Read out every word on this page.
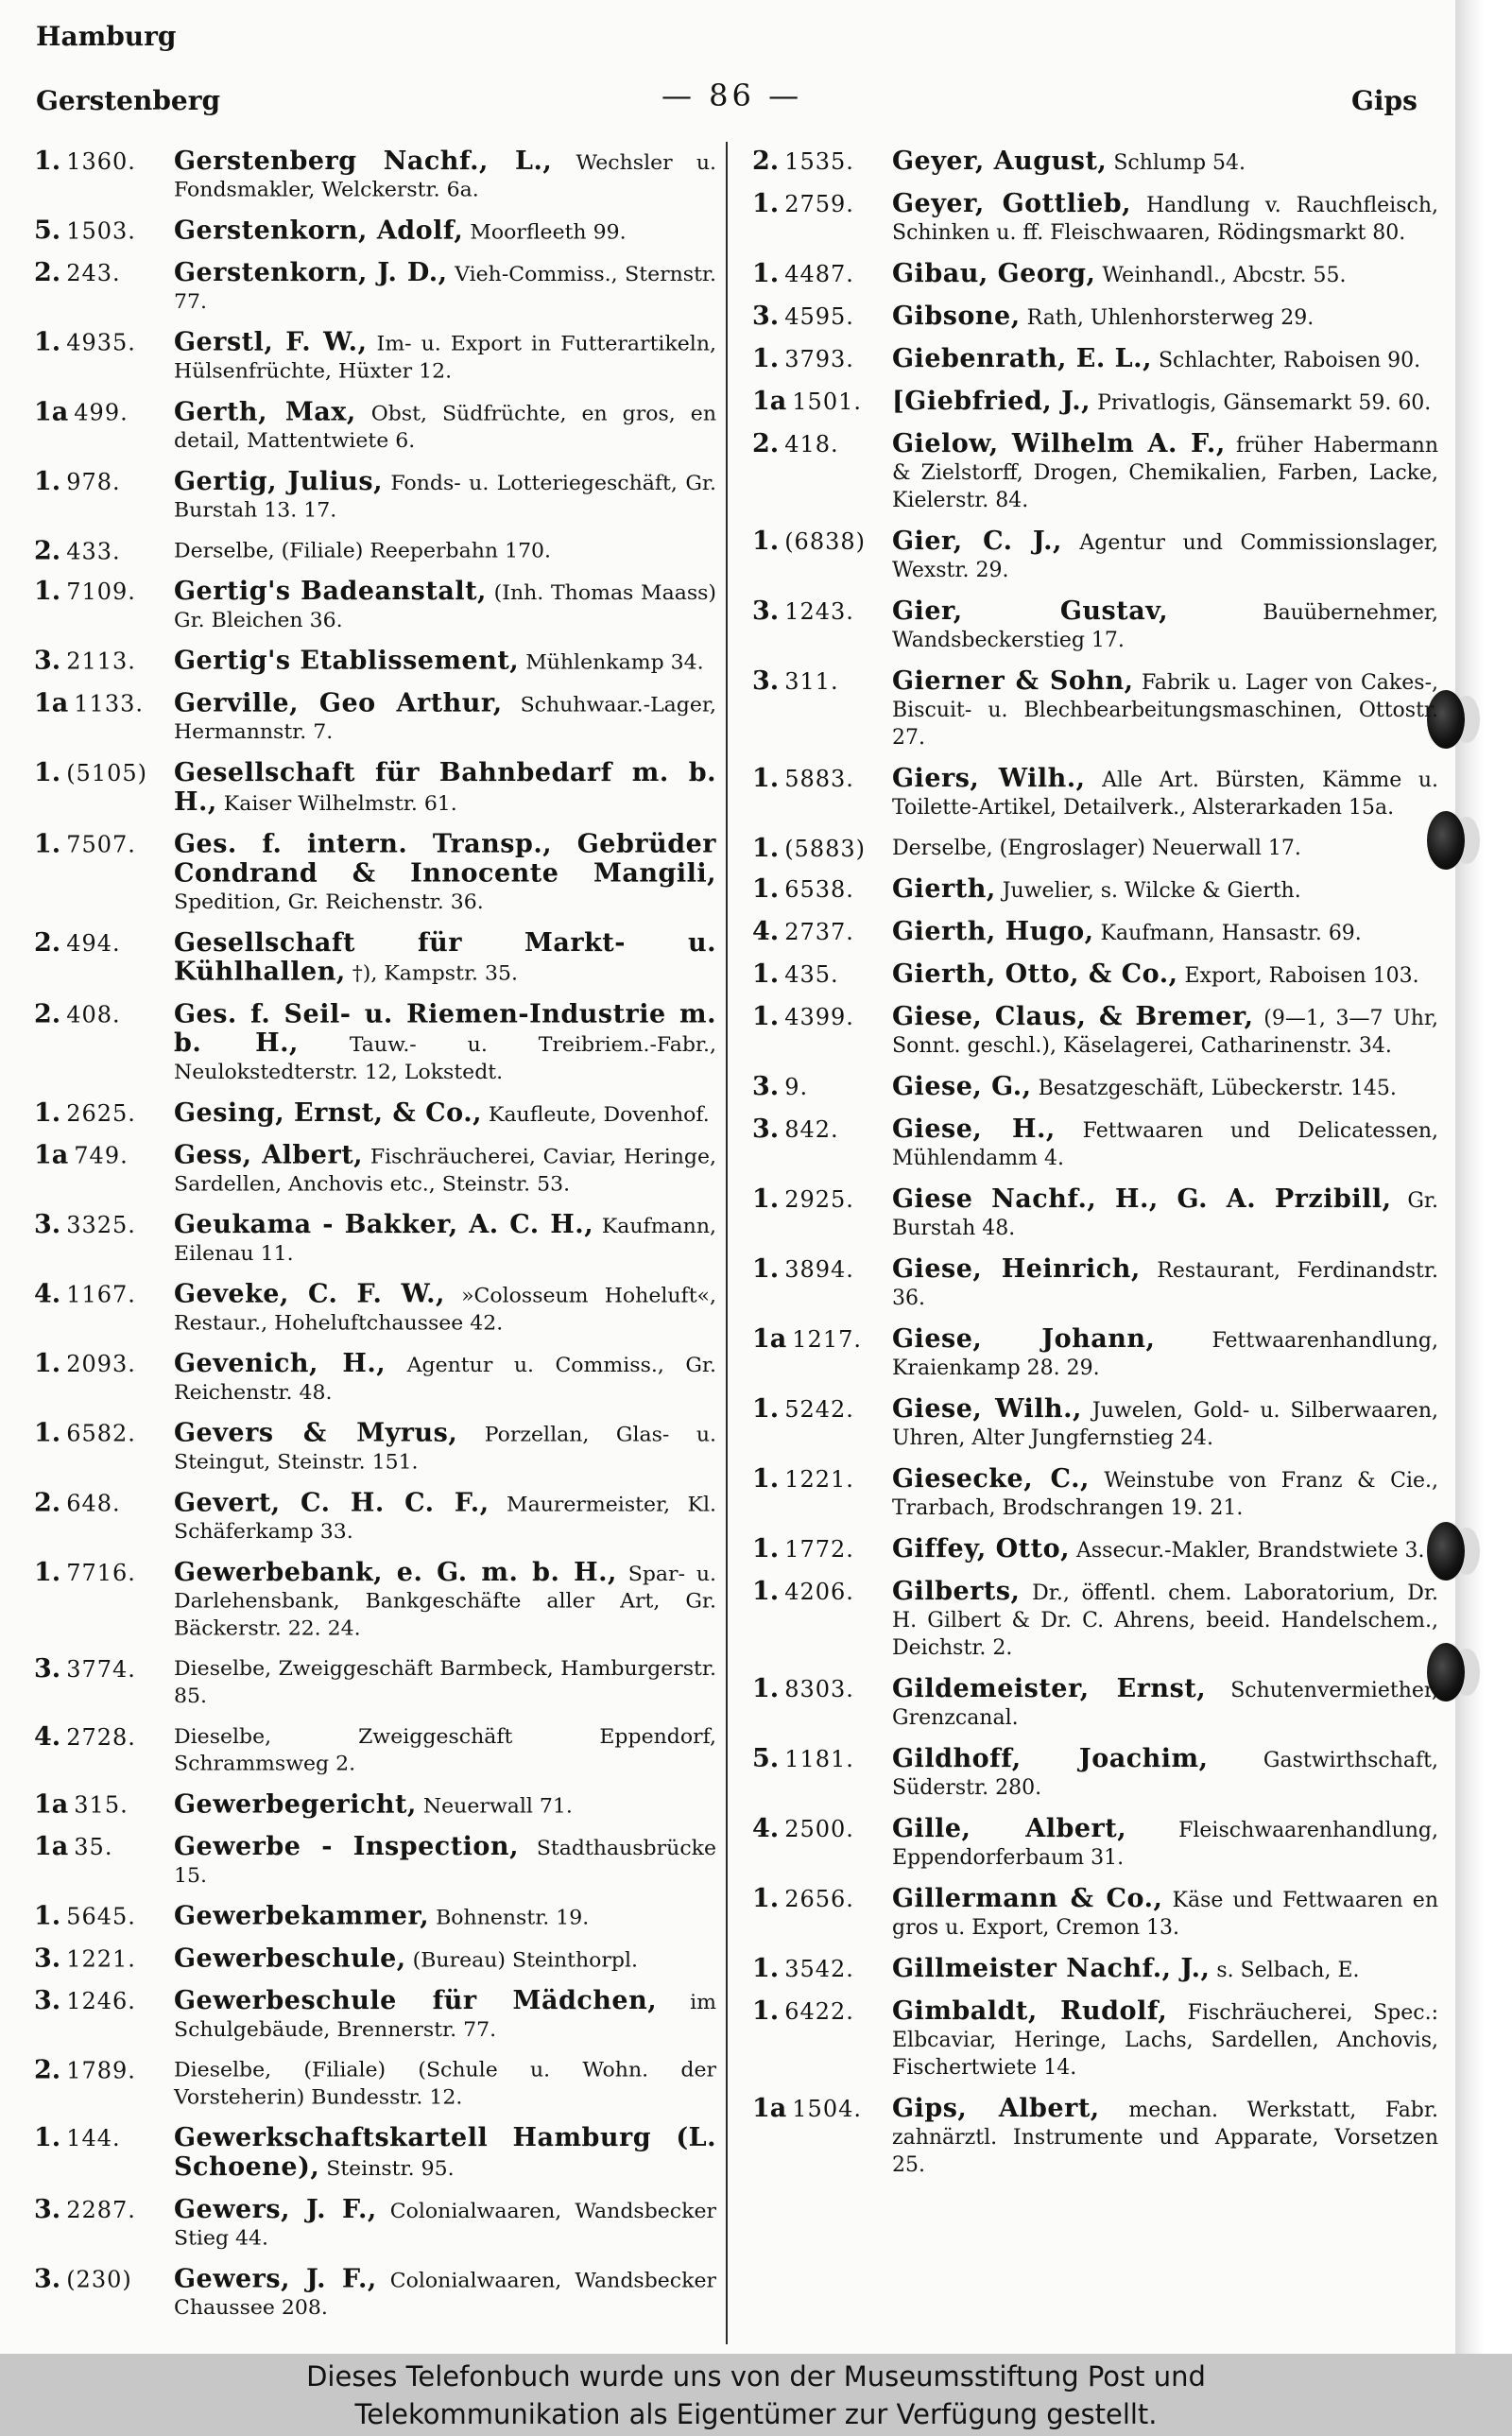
Hamburg
Gerstenberg	— 86 —	Gips
1. 1360.	Gerstenberg Nachf., L., Wechsler u. Fondsmakler, Welckerstr. 6a.
5. 1503.	Gerstenkorn, Adolf, Moorfleeth 99.
2. 243.	Gerstenkorn, J. D., Vieh-Commiss., Sternstr. 77.
1. 4935.	Gerstl, F. W., Im- u. Export in Futterartikeln, Hülsenfrüchte, Hüxter 12.
1a 499.	Gerth, Max, Obst, Südfrüchte, en gros, en detail, Mattentwiete 6.
1. 978.	Gertig, Julius, Fonds- u. Lotteriegeschäft, Gr. Burstah 13. 17.
2. 433.	Derselbe, (Filiale) Reeperbahn 170.
1. 7109.	Gertig's Badeanstalt, (Inh. Thomas Maass) Gr. Bleichen 36.
3. 2113.	Gertig's Etablissement, Mühlenkamp 34.
1a 1133.	Gerville, Geo Arthur, Schuhwaar.-Lager, Hermannstr. 7.
1. (5105)	Gesellschaft für Bahnbedarf m. b. H., Kaiser Wilhelmstr. 61.
1. 7507.	Ges. f. intern. Transp., Gebrüder Condrand & Innocente Mangili, Spedition, Gr. Reichenstr. 36.
2. 494.	Gesellschaft für Markt- u. Kühlhallen, †), Kampstr. 35.
2. 408.	Ges. f. Seil- u. Riemen-Industrie m. b. H., Tauw.- u. Treibriem.-Fabr., Neulokstedterstr. 12, Lokstedt.
1. 2625.	Gesing, Ernst, & Co., Kaufleute, Dovenhof.
1a 749.	Gess, Albert, Fischräucherei, Caviar, Heringe, Sardellen, Anchovis etc., Steinstr. 53.
3. 3325.	Geukama - Bakker, A. C. H., Kaufmann, Eilenau 11.
4. 1167.	Geveke, C. F. W., »Colosseum Hoheluft«, Restaur., Hoheluftchaussee 42.
1. 2093.	Gevenich, H., Agentur u. Commiss., Gr. Reichenstr. 48.
1. 6582.	Gevers & Myrus, Porzellan, Glas- u. Steingut, Steinstr. 151.
2. 648.	Gevert, C. H. C. F., Maurermeister, Kl. Schäferkamp 33.
1. 7716.	Gewerbebank, e. G. m. b. H., Spar- u. Darlehensbank, Bankgeschäfte aller Art, Gr. Bäckerstr. 22. 24.
3. 3774.	Dieselbe, Zweiggeschäft Barmbeck, Hamburgerstr. 85.
4. 2728.	Dieselbe, Zweiggeschäft Eppendorf, Schrammsweg 2.
1a 315.	Gewerbegericht, Neuerwall 71.
1a 35.	Gewerbe - Inspection, Stadthausbrücke 15.
1. 5645.	Gewerbekammer, Bohnenstr. 19.
3. 1221.	Gewerbeschule, (Bureau) Steinthorpl.
3. 1246.	Gewerbeschule für Mädchen, im Schulgebäude, Brennerstr. 77.
2. 1789.	Dieselbe, (Filiale) (Schule u. Wohn. der Vorsteherin) Bundesstr. 12.
1. 144.	Gewerkschaftskartell Hamburg (L. Schoene), Steinstr. 95.
3. 2287.	Gewers, J. F., Colonialwaaren, Wandsbecker Stieg 44.
3. (230)	Gewers, J. F., Colonialwaaren, Wandsbecker Chaussee 208.
2. 1535.	Geyer, August, Schlump 54.
1. 2759.	Geyer, Gottlieb, Handlung v. Rauchfleisch, Schinken u. ff. Fleischwaaren, Rödingsmarkt 80.
1. 4487.	Gibau, Georg, Weinhandl., Abcstr. 55.
3. 4595.	Gibsone, Rath, Uhlenhorsterweg 29.
1. 3793.	Giebenrath, E. L., Schlachter, Raboisen 90.
1a 1501.	[Giebfried, J., Privatlogis, Gänsemarkt 59. 60.
2. 418.	Gielow, Wilhelm A. F., früher Habermann & Zielstorff, Drogen, Chemikalien, Farben, Lacke, Kielerstr. 84.
1. (6838)	Gier, C. J., Agentur und Commissionslager, Wexstr. 29.
3. 1243.	Gier, Gustav, Bauübernehmer, Wandsbeckerstieg 17.
3. 311.	Gierner & Sohn, Fabrik u. Lager von Cakes-, Biscuit- u. Blechbearbeitungsmaschinen, Ottostr. 27.
1. 5883.	Giers, Wilh., Alle Art. Bürsten, Kämme u. Toilette-Artikel, Detailverk., Alsterarkaden 15a.
1. (5883)	Derselbe, (Engroslager) Neuerwall 17.
1. 6538.	Gierth, Juwelier, s. Wilcke & Gierth.
4. 2737.	Gierth, Hugo, Kaufmann, Hansastr. 69.
1. 435.	Gierth, Otto, & Co., Export, Raboisen 103.
1. 4399.	Giese, Claus, & Bremer, (9—1, 3—7 Uhr, Sonnt. geschl.), Käselagerei, Catharinenstr. 34.
3. 9.	Giese, G., Besatzgeschäft, Lübeckerstr. 145.
3. 842.	Giese, H., Fettwaaren und Delicatessen, Mühlendamm 4.
1. 2925.	Giese Nachf., H., G. A. Przibill, Gr. Burstah 48.
1. 3894.	Giese, Heinrich, Restaurant, Ferdinandstr. 36.
1a 1217.	Giese, Johann, Fettwaarenhandlung, Kraienkamp 28. 29.
1. 5242.	Giese, Wilh., Juwelen, Gold- u. Silberwaaren, Uhren, Alter Jungfernstieg 24.
1. 1221.	Giesecke, C., Weinstube von Franz & Cie., Trarbach, Brodschrangen 19. 21.
1. 1772.	Giffey, Otto, Assecur.-Makler, Brandstwiete 3.
1. 4206.	Gilberts, Dr., öffentl. chem. Laboratorium, Dr. H. Gilbert & Dr. C. Ahrens, beeid. Handelschem., Deichstr. 2.
1. 8303.	Gildemeister, Ernst, Schutenvermiether, Grenzcanal.
5. 1181.	Gildhoff, Joachim, Gastwirthschaft, Süderstr. 280.
4. 2500.	Gille, Albert, Fleischwaarenhandlung, Eppendorferbaum 31.
1. 2656.	Gillermann & Co., Käse und Fettwaaren en gros u. Export, Cremon 13.
1. 3542.	Gillmeister Nachf., J., s. Selbach, E.
1. 6422.	Gimbaldt, Rudolf, Fischräucherei, Spec.: Elbcaviar, Heringe, Lachs, Sardellen, Anchovis, Fischertwiete 14.
1a 1504.	Gips, Albert, mechan. Werkstatt, Fabr. zahnärztl. Instrumente und Apparate, Vorsetzen 25.
Dieses Telefonbuch wurde uns von der Museumsstiftung Post und
Telekommunikation als Eigentümer zur Verfügung gestellt.
